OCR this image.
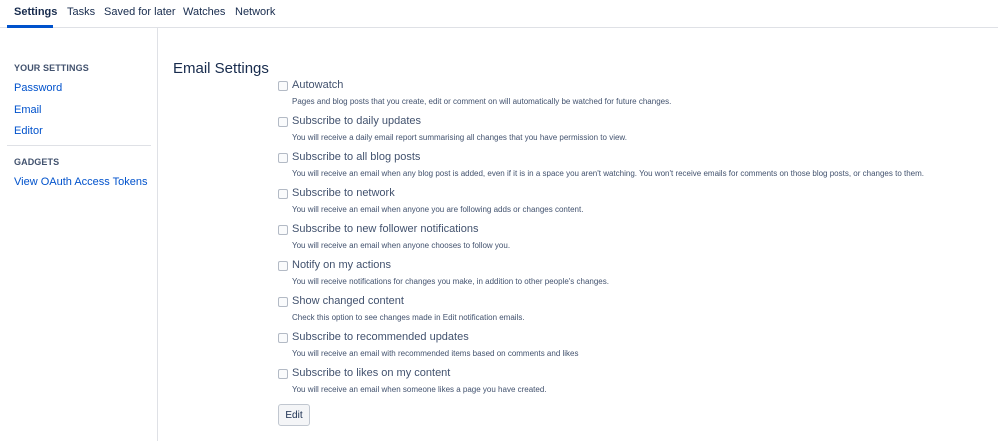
Settings Tasks Saved for later Watches Network
YOUR SETTINGS
Password
Email
Editor
GADGETS
View OAuth Access Tokens
Email Settings
Autowatch
Pages and blog posts that you create, edit or comment on will automatically be watched for future changes.
Subscribe to daily updates
You will receive a daily email report summarising all changes that you have permission to view.
Subscribe to all blog posts
You will receive an email when any blog post is added, even if it is in a space you aren't watching. You won't receive emails for comments on those blog posts, or changes to them.
Subscribe to network
You will receive an email when anyone you are following adds or changes content.
Subscribe to new follower notifications
You will receive an email when anyone chooses to follow you.
Notify on my actions
You will receive notifications for changes you make, in addition to other people's changes.
Show changed content
Check this option to see changes made in Edit notification emails.
Subscribe to recommended updates
You will receive an email with recommended items based on comments and likes
Subscribe to likes on my content
You will receive an email when someone likes a page you have created.
Edit
